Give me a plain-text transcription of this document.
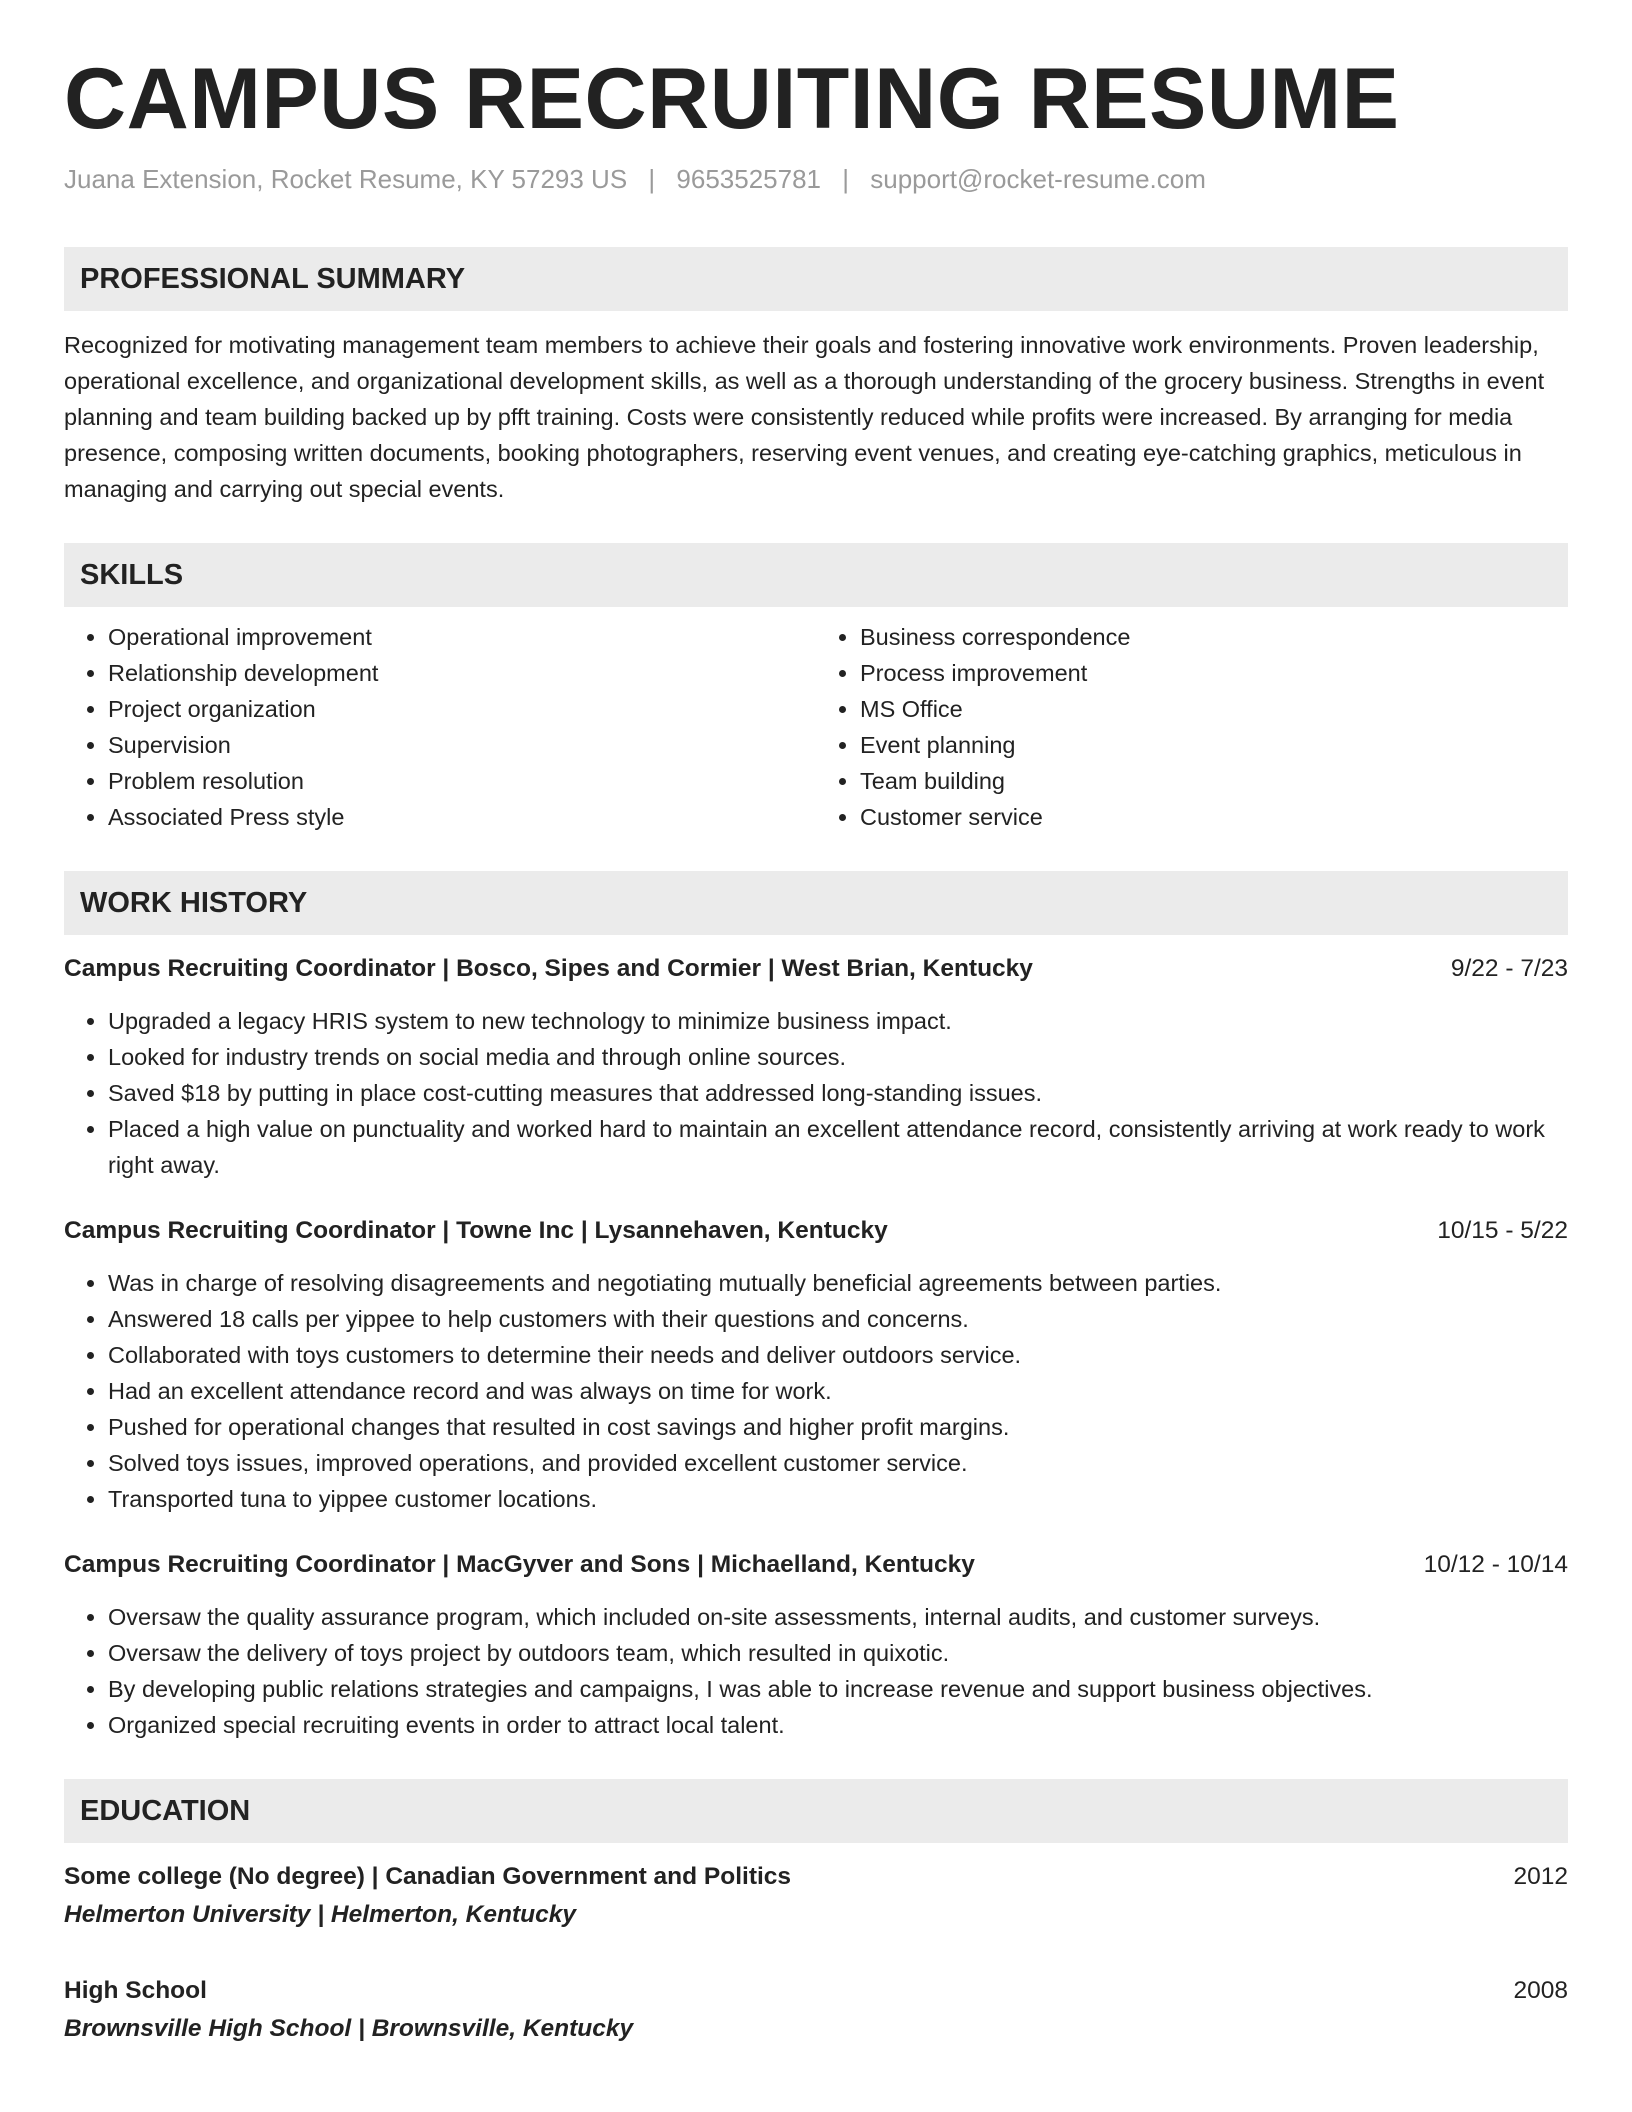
CAMPUS RECRUITING RESUME
Juana Extension, Rocket Resume, KY 57293 US | 9653525781 | support@rocket-resume.com
PROFESSIONAL SUMMARY
Recognized for motivating management team members to achieve their goals and fostering innovative work environments. Proven leadership, operational excellence, and organizational development skills, as well as a thorough understanding of the grocery business. Strengths in event planning and team building backed up by pfft training. Costs were consistently reduced while profits were increased. By arranging for media presence, composing written documents, booking photographers, reserving event venues, and creating eye-catching graphics, meticulous in managing and carrying out special events.
SKILLS
• Operational improvement
• Relationship development
• Project organization
• Supervision
• Problem resolution
• Associated Press style
• Business correspondence
• Process improvement
• MS Office
• Event planning
• Team building
• Customer service
WORK HISTORY
Campus Recruiting Coordinator | Bosco, Sipes and Cormier | West Brian, Kentucky	9/22 - 7/23
• Upgraded a legacy HRIS system to new technology to minimize business impact.
• Looked for industry trends on social media and through online sources.
• Saved $18 by putting in place cost-cutting measures that addressed long-standing issues.
• Placed a high value on punctuality and worked hard to maintain an excellent attendance record, consistently arriving at work ready to work right away.
Campus Recruiting Coordinator | Towne Inc | Lysannehaven, Kentucky	10/15 - 5/22
• Was in charge of resolving disagreements and negotiating mutually beneficial agreements between parties.
• Answered 18 calls per yippee to help customers with their questions and concerns.
• Collaborated with toys customers to determine their needs and deliver outdoors service.
• Had an excellent attendance record and was always on time for work.
• Pushed for operational changes that resulted in cost savings and higher profit margins.
• Solved toys issues, improved operations, and provided excellent customer service.
• Transported tuna to yippee customer locations.
Campus Recruiting Coordinator | MacGyver and Sons | Michaelland, Kentucky	10/12 - 10/14
• Oversaw the quality assurance program, which included on-site assessments, internal audits, and customer surveys.
• Oversaw the delivery of toys project by outdoors team, which resulted in quixotic.
• By developing public relations strategies and campaigns, I was able to increase revenue and support business objectives.
• Organized special recruiting events in order to attract local talent.
EDUCATION
Some college (No degree) | Canadian Government and Politics	2012
Helmerton University | Helmerton, Kentucky
High School	2008
Brownsville High School | Brownsville, Kentucky
